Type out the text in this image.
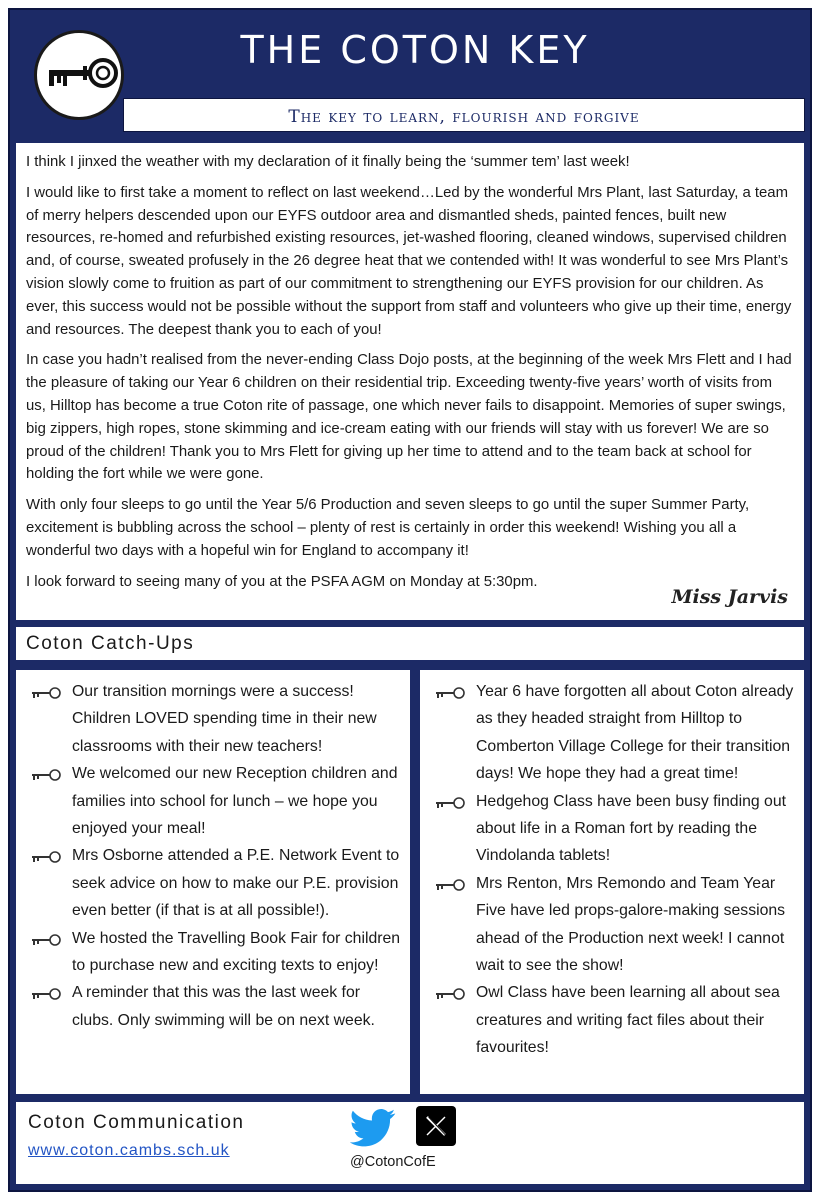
THE COTON KEY
The key to learn, flourish and forgive

I think I jinxed the weather with my declaration of it finally being the ‘summer tem’ last week!

I would like to first take a moment to reflect on last weekend…Led by the wonderful Mrs Plant, last Saturday, a team of merry helpers descended upon our EYFS outdoor area and dismantled sheds, painted fences, built new resources, re-homed and refurbished existing resources, jet-washed flooring, cleaned windows, supervised children and, of course, sweated profusely in the 26 degree heat that we contended with! It was wonderful to see Mrs Plant’s vision slowly come to fruition as part of our commitment to strengthening our EYFS provision for our children. As ever, this success would not be possible without the support from staff and volunteers who give up their time, energy and resources. The deepest thank you to each of you!

In case you hadn’t realised from the never-ending Class Dojo posts, at the beginning of the week Mrs Flett and I had the pleasure of taking our Year 6 children on their residential trip. Exceeding twenty-five years’ worth of visits from us, Hilltop has become a true Coton rite of passage, one which never fails to disappoint. Memories of super swings, big zippers, high ropes, stone skimming and ice-cream eating with our friends will stay with us forever! We are so proud of the children! Thank you to Mrs Flett for giving up her time to attend and to the team back at school for holding the fort while we were gone.

With only four sleeps to go until the Year 5/6 Production and seven sleeps to go until the super Summer Party, excitement is bubbling across the school – plenty of rest is certainly in order this weekend! Wishing you all a wonderful two days with a hopeful win for England to accompany it!

I look forward to seeing many of you at the PSFA AGM on Monday at 5:30pm.

Miss Jarvis
Coton Catch-Ups
Our transition mornings were a success! Children LOVED spending time in their new classrooms with their new teachers!
We welcomed our new Reception children and families into school for lunch – we hope you enjoyed your meal!
Mrs Osborne attended a P.E. Network Event to seek advice on how to make our P.E. provision even better (if that is at all possible!).
We hosted the Travelling Book Fair for children to purchase new and exciting texts to enjoy!
A reminder that this was the last week for clubs. Only swimming will be on next week.
Year 6 have forgotten all about Coton already as they headed straight from Hilltop to Comberton Village College for their transition days! We hope they had a great time!
Hedgehog Class have been busy finding out about life in a Roman fort by reading the Vindolanda tablets!
Mrs Renton, Mrs Remondo and Team Year Five have led props-galore-making sessions ahead of the Production next week! I cannot wait to see the show!
Owl Class have been learning all about sea creatures and writing fact files about their favourites!
Coton Communication
www.coton.cambs.sch.uk
@CotonCofE
